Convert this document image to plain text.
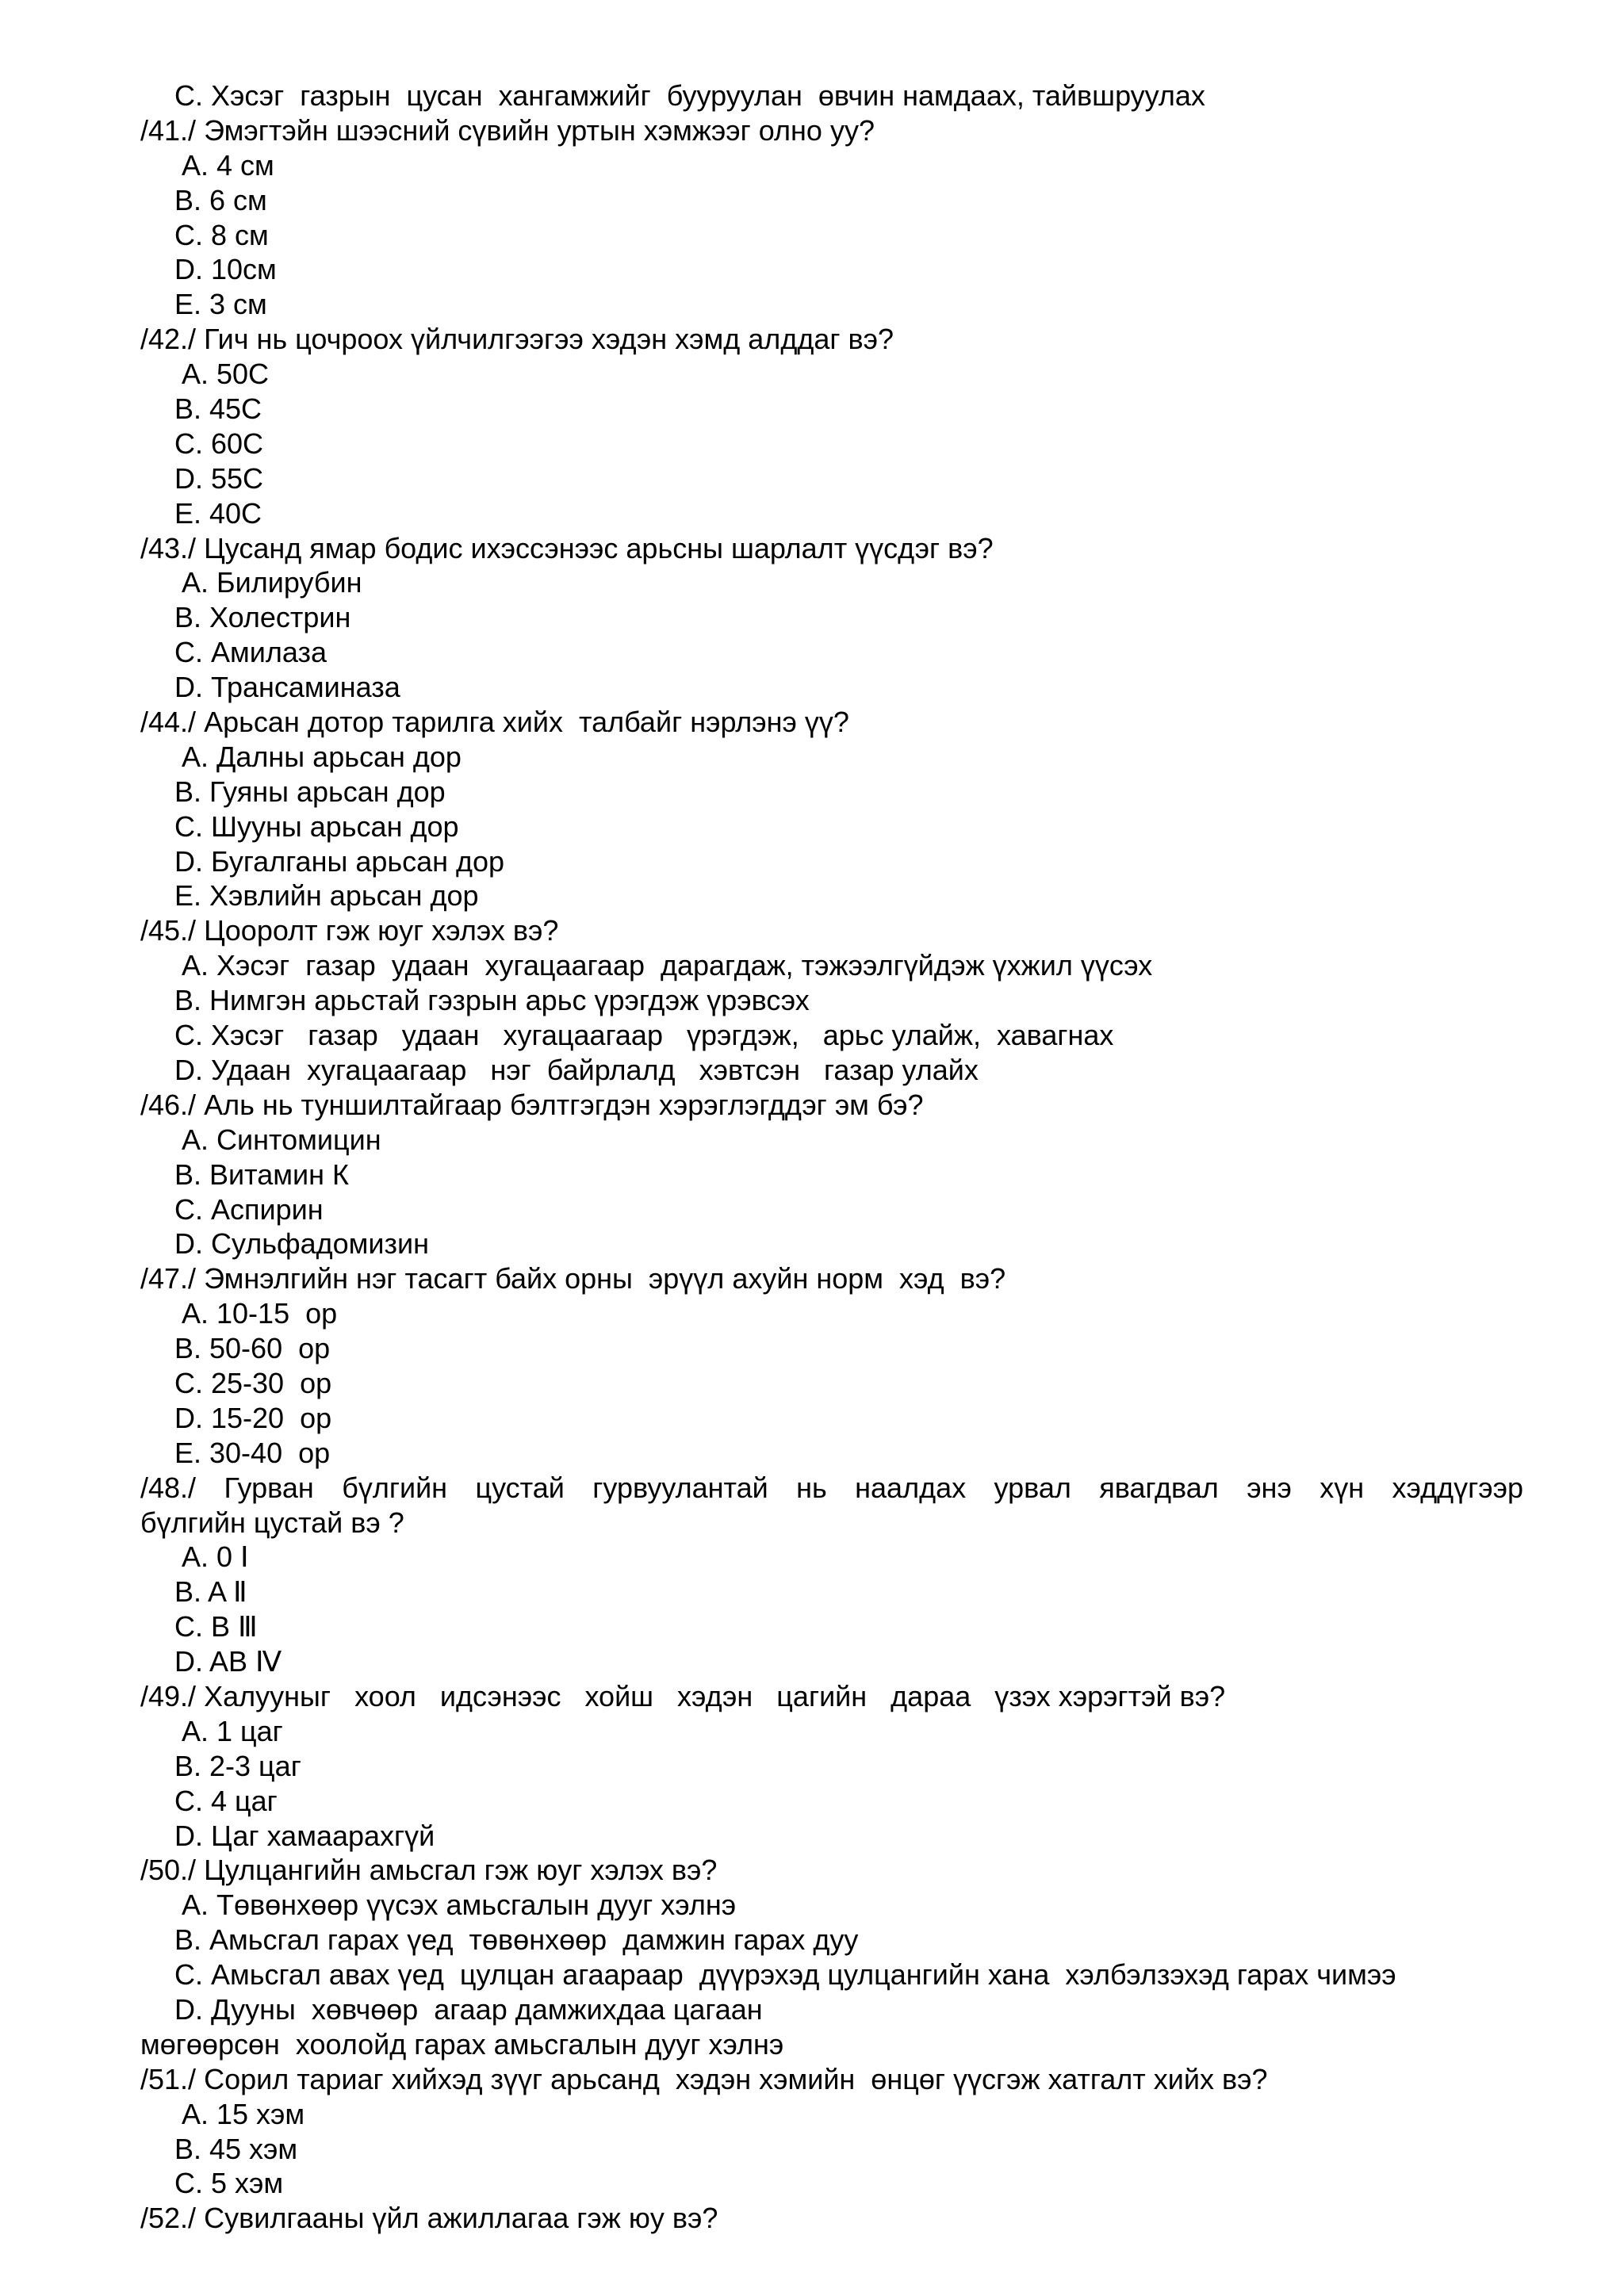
C. Хэсэг  газрын  цусан  хангамжийг  бууруулан  өвчин намдаах, тайвшруулах
/41./ Эмэгтэйн шээсний сүвийн уртын хэмжээг олно уу?
A. 4 см
B. 6 см
C. 8 см
D. 10см
E. 3 см
/42./ Гич нь цочроох үйлчилгээгээ хэдэн хэмд алддаг вэ?
A. 50C
B. 45C
C. 60C
D. 55C
E. 40C
/43./ Цусанд ямар бодис ихэссэнээс арьсны шарлалт үүсдэг вэ?
A. Билирубин
B. Холестрин
C. Амилаза
D. Трансаминаза
/44./ Арьсан дотор тарилга хийх  талбайг нэрлэнэ үү?
A. Далны арьсан дор
B. Гуяны арьсан дор
C. Шууны арьсан дор
D. Бугалганы арьсан дор
E. Хэвлийн арьсан дор
/45./ Цооролт гэж юуг хэлэх вэ?
A. Хэсэг  газар  удаан  хугацаагаар  дарагдаж, тэжээлгүйдэж үхжил үүсэх
B. Нимгэн арьстай гэзрын арьс үрэгдэж үрэвсэх
C. Хэсэг   газар   удаан   хугацаагаар   үрэгдэж,   арьс улайж,  хавагнах
D. Удаан  хугацаагаар   нэг  байрлалд   хэвтсэн   газар улайх
/46./ Аль нь туншилтайгаар бэлтгэгдэн хэрэглэгддэг эм бэ?
A. Синтомицин
B. Витамин К
C. Аспирин
D. Сульфадомизин
/47./ Эмнэлгийн нэг тасагт байх орны  эрүүл ахуйн норм  хэд  вэ?
A. 10-15  ор
B. 50-60  ор
C. 25-30  ор
D. 15-20  ор
E. 30-40  ор
/48./ Гурван бүлгийн цустай гурвуулантай нь наалдах урвал явагдвал энэ хүн хэддүгээр
бүлгийн цустай вэ ?
A. 0 Ⅰ
B. A Ⅱ
C. B Ⅲ
D. AB Ⅳ
/49./ Халууныг   хоол   идсэнээс   хойш   хэдэн   цагийн   дараа   үзэх хэрэгтэй вэ?
A. 1 цаг
B. 2-3 цаг
C. 4 цаг
D. Цаг хамаарахгүй
/50./ Цулцангийн амьсгал гэж юуг хэлэх вэ?
A. Төвөнхөөр үүсэх амьсгалын дууг хэлнэ
B. Амьсгал гарах үед  төвөнхөөр  дамжин гарах дуу
C. Амьсгал авах үед  цулцан агаараар  дүүрэхэд цулцангийн хана  хэлбэлзэхэд гарах чимээ
D. Дууны  хөвчөөр  агаар дамжихдаа цагаан
мөгөөрсөн  хоолойд гарах амьсгалын дууг хэлнэ
/51./ Сорил тариаг хийхэд зүүг арьсанд  хэдэн хэмийн  өнцөг үүсгэж хатгалт хийх вэ?
A. 15 хэм
B. 45 хэм
C. 5 хэм
/52./ Сувилгааны үйл ажиллагаа гэж юу вэ?
